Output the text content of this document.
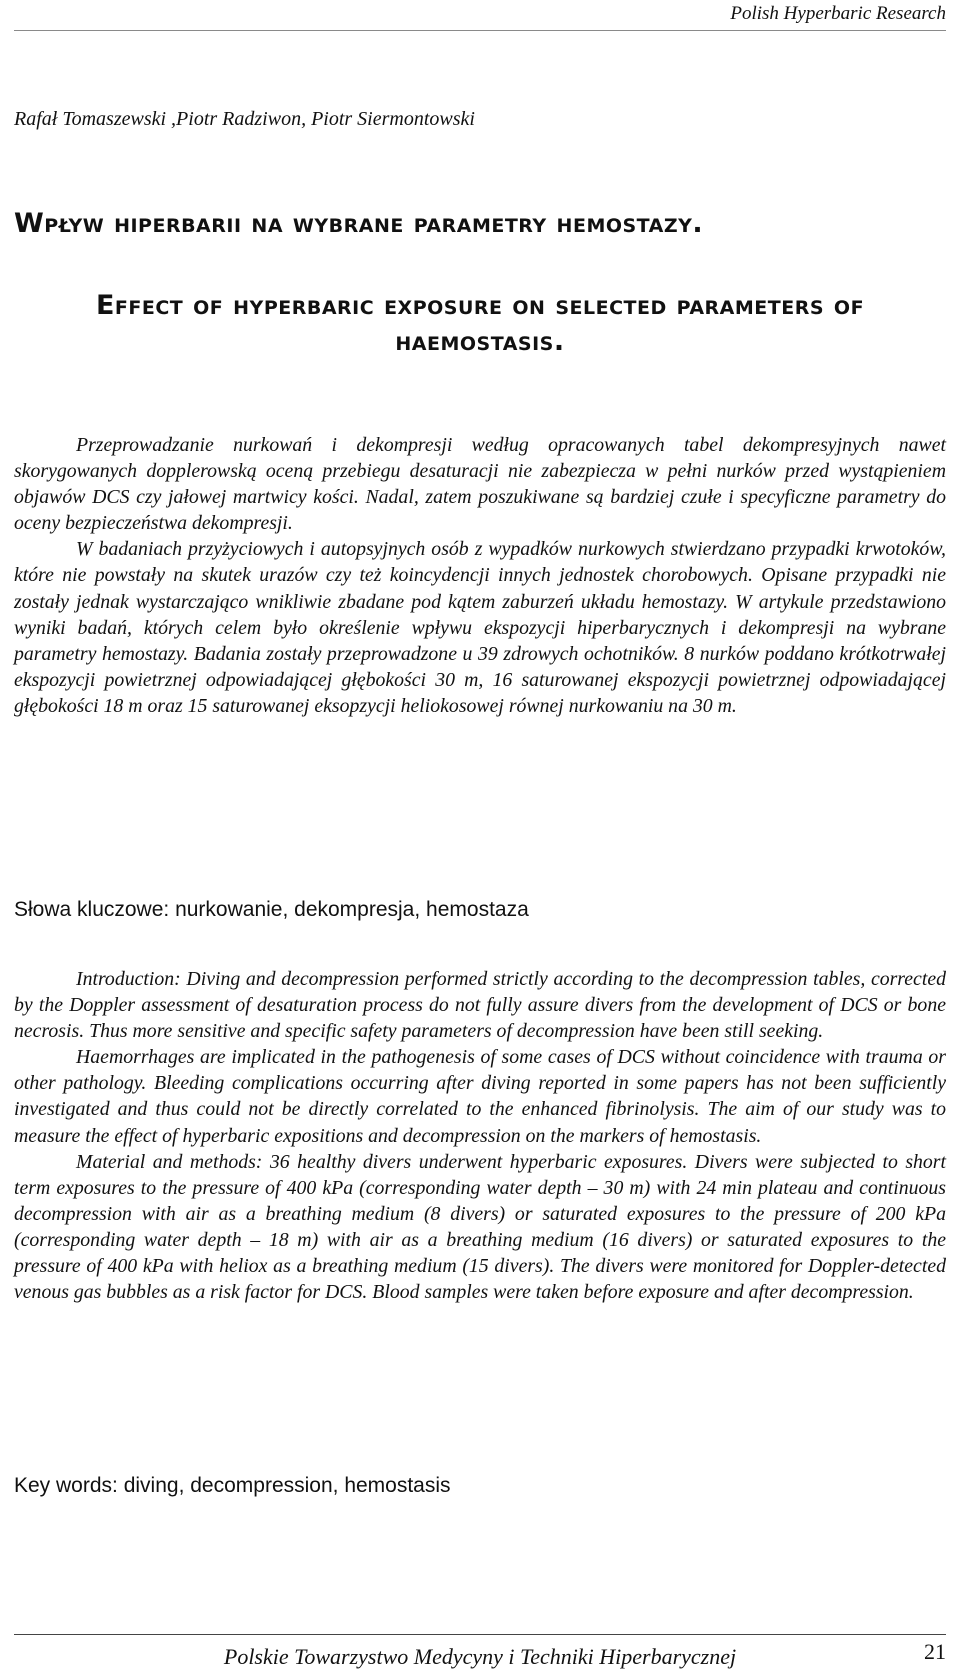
Polish Hyperbaric Research
Rafał Tomaszewski ,Piotr Radziwon, Piotr Siermontowski
Wpływ hiperbarii na wybrane parametry hemostazy.
Effect of hyperbaric exposure on selected parameters of haemostasis.

Przeprowadzanie nurkowań i dekompresji według opracowanych tabel dekompresyjnych nawet skorygowanych dopplerowską oceną przebiegu desaturacji nie zabezpiecza w pełni nurków przed wystąpieniem objawów DCS czy jałowej martwicy kości. Nadal, zatem poszukiwane są bardziej czułe i specyficzne parametry do oceny bezpieczeństwa dekompresji.

W badaniach przyżyciowych i autopsyjnych osób z wypadków nurkowych stwierdzano przypadki krwotoków, które nie powstały na skutek urazów czy też koincydencji innych jednostek chorobowych. Opisane przypadki nie zostały jednak wystarczająco wnikliwie zbadane pod kątem zaburzeń układu hemostazy. W artykule przedstawiono wyniki badań, których celem było określenie wpływu ekspozycji hiperbarycznych i dekompresji na wybrane parametry hemostazy. Badania zostały przeprowadzone u 39 zdrowych ochotników. 8 nurków poddano krótkotrwałej ekspozycji powietrznej odpowiadającej głębokości 30 m, 16 saturowanej ekspozycji powietrznej odpowiadającej głębokości 18 m oraz 15 saturowanej eksopzycji heliokosowej równej nurkowaniu na 30 m.

Słowa kluczowe: nurkowanie, dekompresja, hemostaza

Introduction: Diving and decompression performed strictly according to the decompression tables, corrected by the Doppler assessment of desaturation process do not fully assure divers from the development of DCS or bone necrosis. Thus more sensitive and specific safety parameters of decompression have been still seeking.

Haemorrhages are implicated in the pathogenesis of some cases of DCS without coincidence with trauma or other pathology. Bleeding complications occurring after diving reported in some papers has not been sufficiently investigated and thus could not be directly correlated to the enhanced fibrinolysis. The aim of our study was to measure the effect of hyperbaric expositions and decompression on the markers of hemostasis.

Material and methods: 36 healthy divers underwent hyperbaric exposures. Divers were subjected to short term exposures to the pressure of 400 kPa (corresponding water depth – 30 m) with 24 min plateau and continuous decompression with air as a breathing medium (8 divers) or saturated exposures to the pressure of 200 kPa (corresponding water depth – 18 m) with air as a breathing medium (16 divers) or saturated exposures to the pressure of 400 kPa with heliox as a breathing medium (15 divers). The divers were monitored for Doppler-detected venous gas bubbles as a risk factor for DCS. Blood samples were taken before exposure and after decompression.

Key words: diving, decompression, hemostasis
Polskie Towarzystwo Medycyny i Techniki Hiperbarycznej	21
